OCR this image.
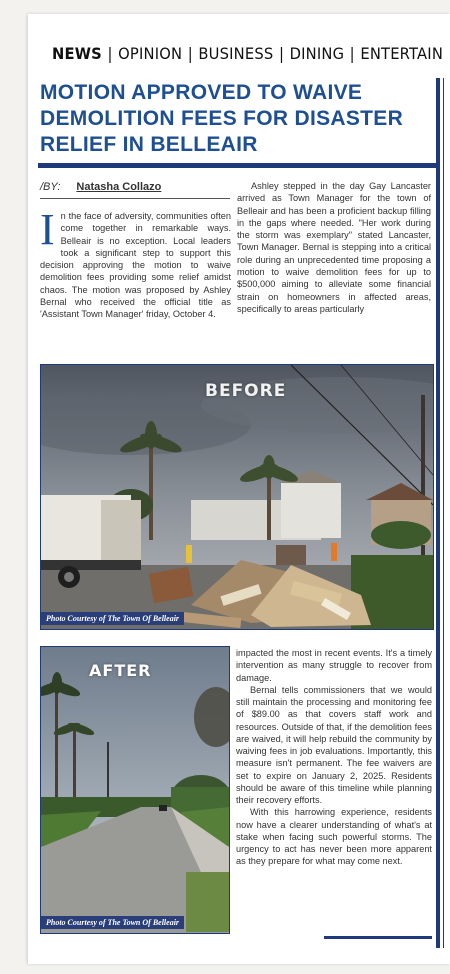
NEWS | OPINION | BUSINESS | DINING | ENTERTAIN
MOTION APPROVED TO WAIVE DEMOLITION FEES FOR DISASTER RELIEF IN BELLEAIR
/BY: Natasha Collazo

In the face of adversity, communities often come together in remarkable ways. Belleair is no exception. Local leaders took a significant step to support this decision approving the motion to waive demolition fees providing some relief amidst chaos. The motion was proposed by Ashley Bernal who received the official title as 'Assistant Town Manager' friday, October 4.

Ashley stepped in the day Gay Lancaster arrived as Town Manager for the town of Belleair and has been a proficient backup filling in the gaps where needed. "Her work during the storm was exemplary" stated Lancaster, Town Manager. Bernal is stepping into a critical role during an unprecedented time proposing a motion to waive demolition fees for up to $500,000 aiming to alleviate some financial strain on homeowners in affected areas, specifically to areas particularly

BEFORE
Photo Courtesy of The Town Of Belleair
AFTER
Photo Courtesy of The Town Of Belleair

impacted the most in recent events. It's a timely intervention as many struggle to recover from damage.

Bernal tells commissioners that we would still maintain the processing and monitoring fee of $89.00 as that covers staff work and resources. Outside of that, if the demolition fees are waived, it will help rebuild the community by waiving fees in job evaluations. Importantly, this measure isn't permanent. The fee waivers are set to expire on January 2, 2025. Residents should be aware of this timeline while planning their recovery efforts.

With this harrowing experience, residents now have a clearer understanding of what's at stake when facing such powerful storms. The urgency to act has never been more apparent as they prepare for what may come next.
